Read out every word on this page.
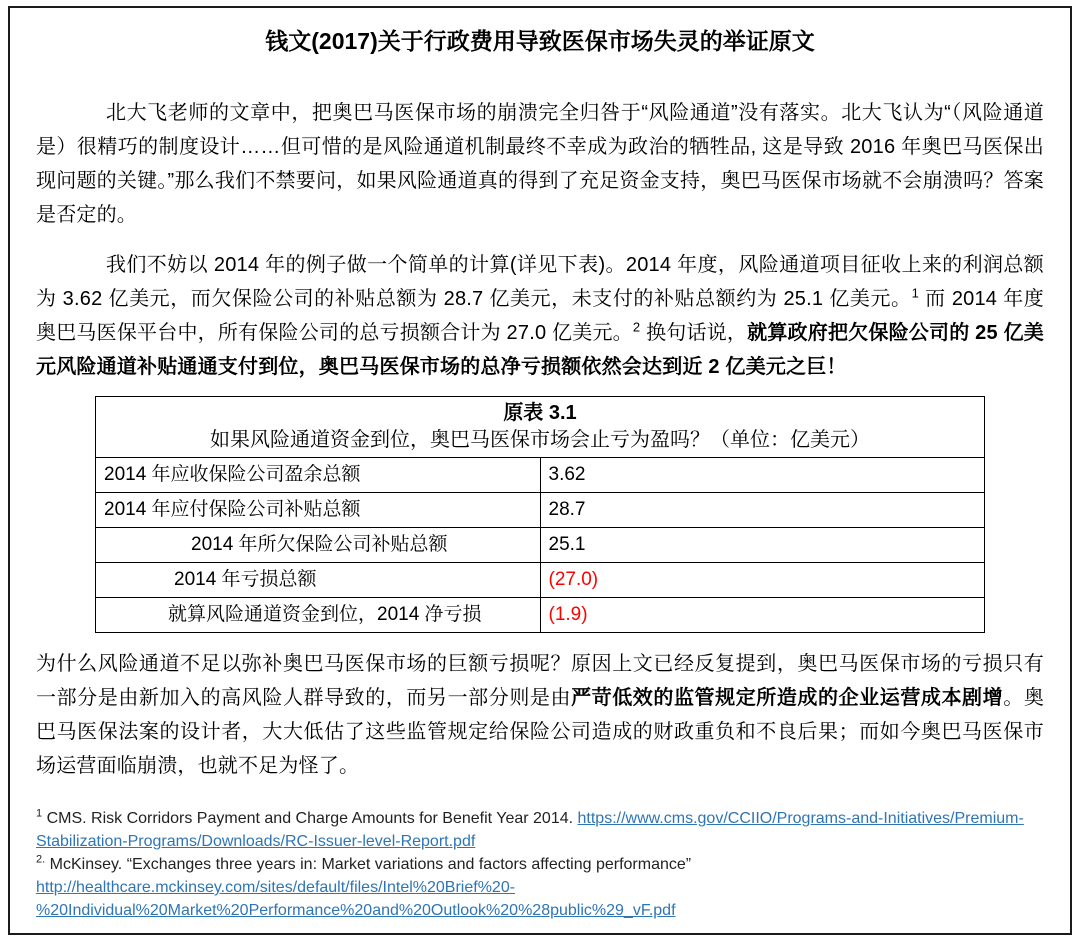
钱文(2017)关于行政费用导致医保市场失灵的举证原文

北大飞老师的文章中，把奥巴马医保市场的崩溃完全归咎于“风险通道”没有落实。北大飞认为“（风险通道是）很精巧的制度设计……但可惜的是风险通道机制最终不幸成为政治的牺牲品, 这是导致 2016 年奥巴马医保出现问题的关键。”那么我们不禁要问，如果风险通道真的得到了充足资金支持，奥巴马医保市场就不会崩溃吗？答案是否定的。

我们不妨以 2014 年的例子做一个简单的计算(详见下表)。2014 年度，风险通道项目征收上来的利润总额为 3.62 亿美元，而欠保险公司的补贴总额为 28.7 亿美元，未支付的补贴总额约为 25.1 亿美元。$^1$ 而 2014 年度奥巴马医保平台中，所有保险公司的总亏损额合计为 27.0 亿美元。$^2$ 换句话说，就算政府把欠保险公司的 25 亿美元风险通道补贴通通支付到位，奥巴马医保市场的总净亏损额依然会达到近 2 亿美元之巨！

原表 3.1
如果风险通道资金到位，奥巴马医保市场会止亏为盈吗？（单位：亿美元）	

2014 年应收保险公司盈余总额	3.62
2014 年应付保险公司补贴总额	28.7
2014 年所欠保险公司补贴总额	25.1
2014 年亏损总额	(27.0)
就算风险通道资金到位，2014 净亏损	(1.9)

为什么风险通道不足以弥补奥巴马医保市场的巨额亏损呢？原因上文已经反复提到，奥巴马医保市场的亏损只有一部分是由新加入的高风险人群导致的，而另一部分则是由严苛低效的监管规定所造成的企业运营成本剧增。奥巴马医保法案的设计者，大大低估了这些监管规定给保险公司造成的财政重负和不良后果；而如今奥巴马医保市场运营面临崩溃，也就不足为怪了。

$^1$ CMS. Risk Corridors Payment and Charge Amounts for Benefit Year 2014. https://www.cms.gov/CCIIO/Programs-and-Initiatives/Premium-Stabilization-Programs/Downloads/RC-Issuer-level-Report.pdf

$^{2.}$ McKinsey. “Exchanges three years in: Market variations and factors affecting performance” http://healthcare.mckinsey.com/sites/default/files/Intel%20Brief%20-%20Individual%20Market%20Performance%20and%20Outlook%20%28public%29_vF.pdf
